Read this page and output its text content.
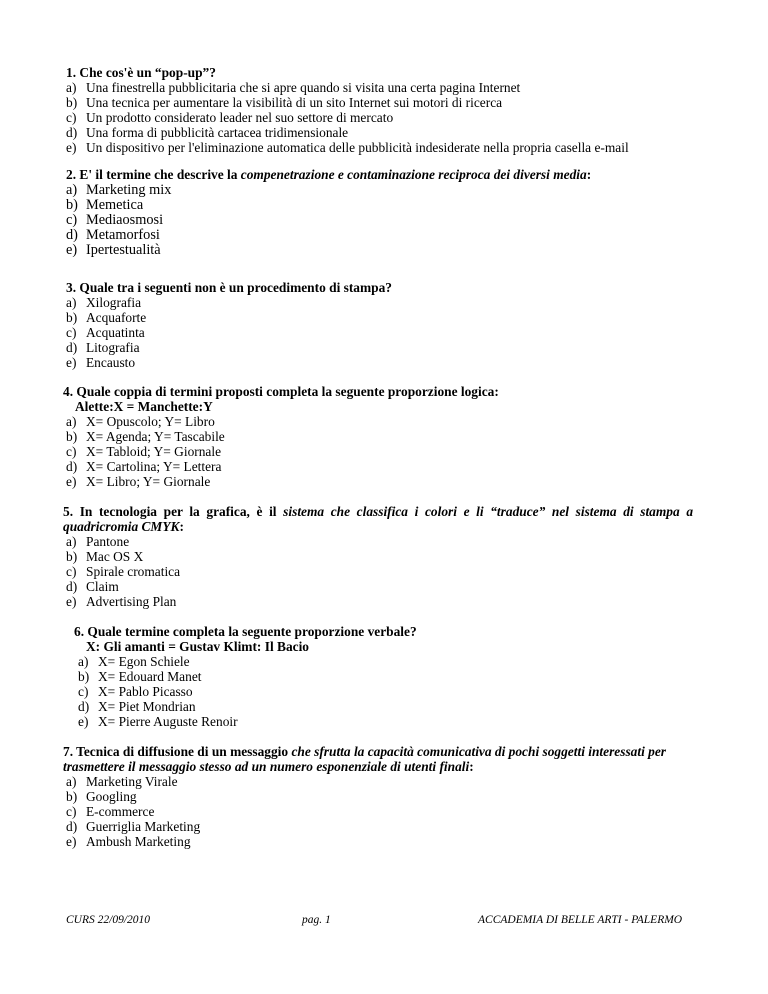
1. Che cos'è un “pop-up”?
a) Una finestrella pubblicitaria che si apre quando si visita una certa pagina Internet
b) Una tecnica per aumentare la visibilità di un sito Internet sui motori di ricerca
c) Un prodotto considerato leader nel suo settore di mercato
d) Una forma di pubblicità cartacea tridimensionale
e) Un dispositivo per l'eliminazione automatica delle pubblicità indesiderate nella propria casella e-mail
2. E' il termine che descrive la compenetrazione e contaminazione reciproca dei diversi media:
a) Marketing mix
b) Memetica
c) Mediaosmosi
d) Metamorfosi
e) Ipertestualità
3. Quale tra i seguenti non è un procedimento di stampa?
a) Xilografia
b) Acquaforte
c) Acquatinta
d) Litografia
e) Encausto
4. Quale coppia di termini proposti completa la seguente proporzione logica:
Alette:X = Manchette:Y
a) X= Opuscolo; Y= Libro
b) X= Agenda; Y= Tascabile
c) X= Tabloid; Y= Giornale
d) X= Cartolina; Y= Lettera
e) X= Libro; Y= Giornale
5. In tecnologia per la grafica, è il sistema che classifica i colori e li “traduce” nel sistema di stampa a quadricromia CMYK:
a) Pantone
b) Mac OS X
c) Spirale cromatica
d) Claim
e) Advertising Plan
6. Quale termine completa la seguente proporzione verbale?
X: Gli amanti = Gustav Klimt: Il Bacio
a) X= Egon Schiele
b) X= Edouard Manet
c) X= Pablo Picasso
d) X= Piet Mondrian
e) X= Pierre Auguste Renoir
7. Tecnica di diffusione di un messaggio che sfrutta la capacità comunicativa di pochi soggetti interessati per trasmettere il messaggio stesso ad un numero esponenziale di utenti finali:
a) Marketing Virale
b) Googling
c) E-commerce
d) Guerriglia Marketing
e) Ambush Marketing
CURS 22/09/2010	pag. 1	ACCADEMIA DI BELLE ARTI - PALERMO
